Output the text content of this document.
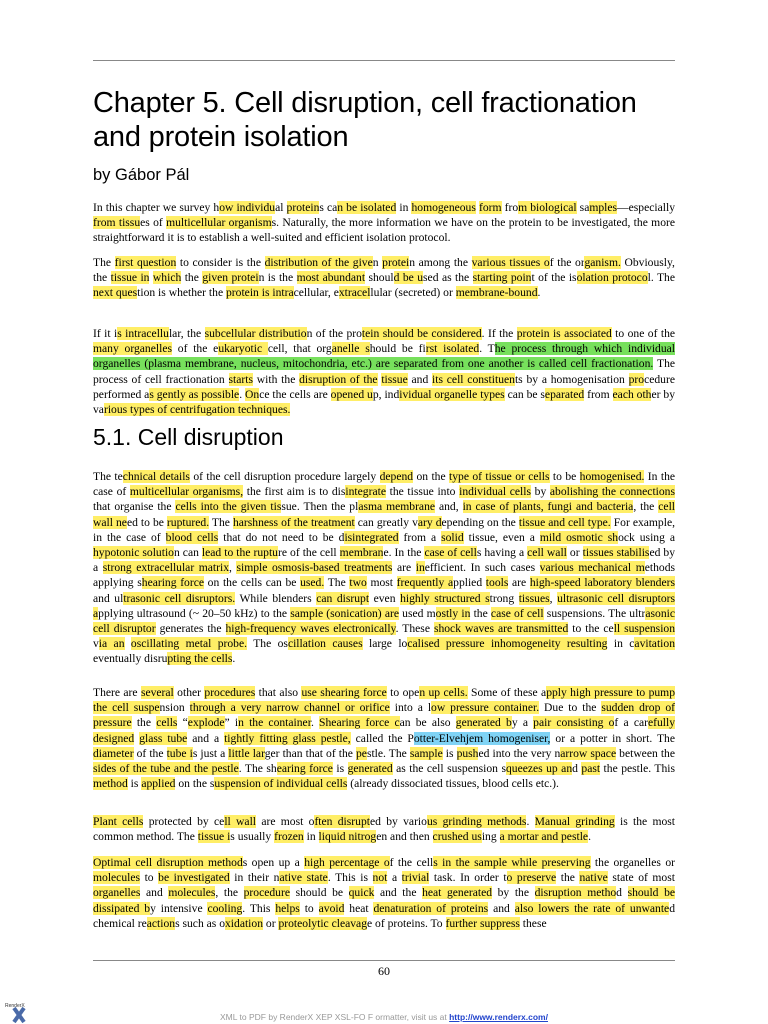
Chapter 5. Cell disruption, cell fractionation and protein isolation

by Gábor Pál

In this chapter we survey how individual proteins can be isolated in homogeneous form from biological samples—especially from tissues of multicellular organisms. Naturally, the more information we have on the protein to be investigated, the more straightforward it is to establish a well-suited and efficient isolation protocol.

The first question to consider is the distribution of the given protein among the various tissues of the organism. Obviously, the tissue in which the given protein is the most abundant should be used as the starting point of the isolation protocol. The next question is whether the protein is intracellular, extracellular (secreted) or membrane-bound.

If it is intracellular, the subcellular distribution of the protein should be considered. If the protein is associated to one of the many organelles of the eukaryotic cell, that organelle should be first isolated. The process through which individual organelles (plasma membrane, nucleus, mitochondria, etc.) are separated from one another is called cell fractionation. The process of cell fractionation starts with the disruption of the tissue and its cell constituents by a homogenisation procedure performed as gently as possible. Once the cells are opened up, individual organelle types can be separated from each other by various types of centrifugation techniques.

5.1. Cell disruption

The technical details of the cell disruption procedure largely depend on the type of tissue or cells to be homogenised. In the case of multicellular organisms, the first aim is to disintegrate the tissue into individual cells by abolishing the connections that organise the cells into the given tissue. Then the plasma membrane and, in case of plants, fungi and bacteria, the cell wall need to be ruptured. The harshness of the treatment can greatly vary depending on the tissue and cell type. For example, in the case of blood cells that do not need to be disintegrated from a solid tissue, even a mild osmotic shock using a hypotonic solution can lead to the rupture of the cell membrane. In the case of cells having a cell wall or tissues stabilised by a strong extracellular matrix, simple osmosis-based treatments are inefficient. In such cases various mechanical methods applying shearing force on the cells can be used. The two most frequently applied tools are high-speed laboratory blenders and ultrasonic cell disruptors. While blenders can disrupt even highly structured strong tissues, ultrasonic cell disruptors applying ultrasound (~ 20–50 kHz) to the sample (sonication) are used mostly in the case of cell suspensions. The ultrasonic cell disruptor generates the high-frequency waves electronically. These shock waves are transmitted to the cell suspension via an oscillating metal probe. The oscillation causes large localised pressure inhomogeneity resulting in cavitation eventually disrupting the cells.

There are several other procedures that also use shearing force to open up cells. Some of these apply high pressure to pump the cell suspension through a very narrow channel or orifice into a low pressure container. Due to the sudden drop of pressure the cells “explode” in the container. Shearing force can be also generated by a pair consisting of a carefully designed glass tube and a tightly fitting glass pestle, called the Potter-Elvehjem homogeniser, or a potter in short. The diameter of the tube is just a little larger than that of the pestle. The sample is pushed into the very narrow space between the sides of the tube and the pestle. The shearing force is generated as the cell suspension squeezes up and past the pestle. This method is applied on the suspension of individual cells (already dissociated tissues, blood cells etc.).

Plant cells protected by cell wall are most often disrupted by various grinding methods. Manual grinding is the most common method. The tissue is usually frozen in liquid nitrogen and then crushed using a mortar and pestle.

Optimal cell disruption methods open up a high percentage of the cells in the sample while preserving the organelles or molecules to be investigated in their native state. This is not a trivial task. In order to preserve the native state of most organelles and molecules, the procedure should be quick and the heat generated by the disruption method should be dissipated by intensive cooling. This helps to avoid heat denaturation of proteins and also lowers the rate of unwanted chemical reactions such as oxidation or proteolytic cleavage of proteins. To further suppress these

60
RenderX
XML to PDF by RenderX XEP XSL-FO F ormatter, visit us at http://www.renderx.com/
